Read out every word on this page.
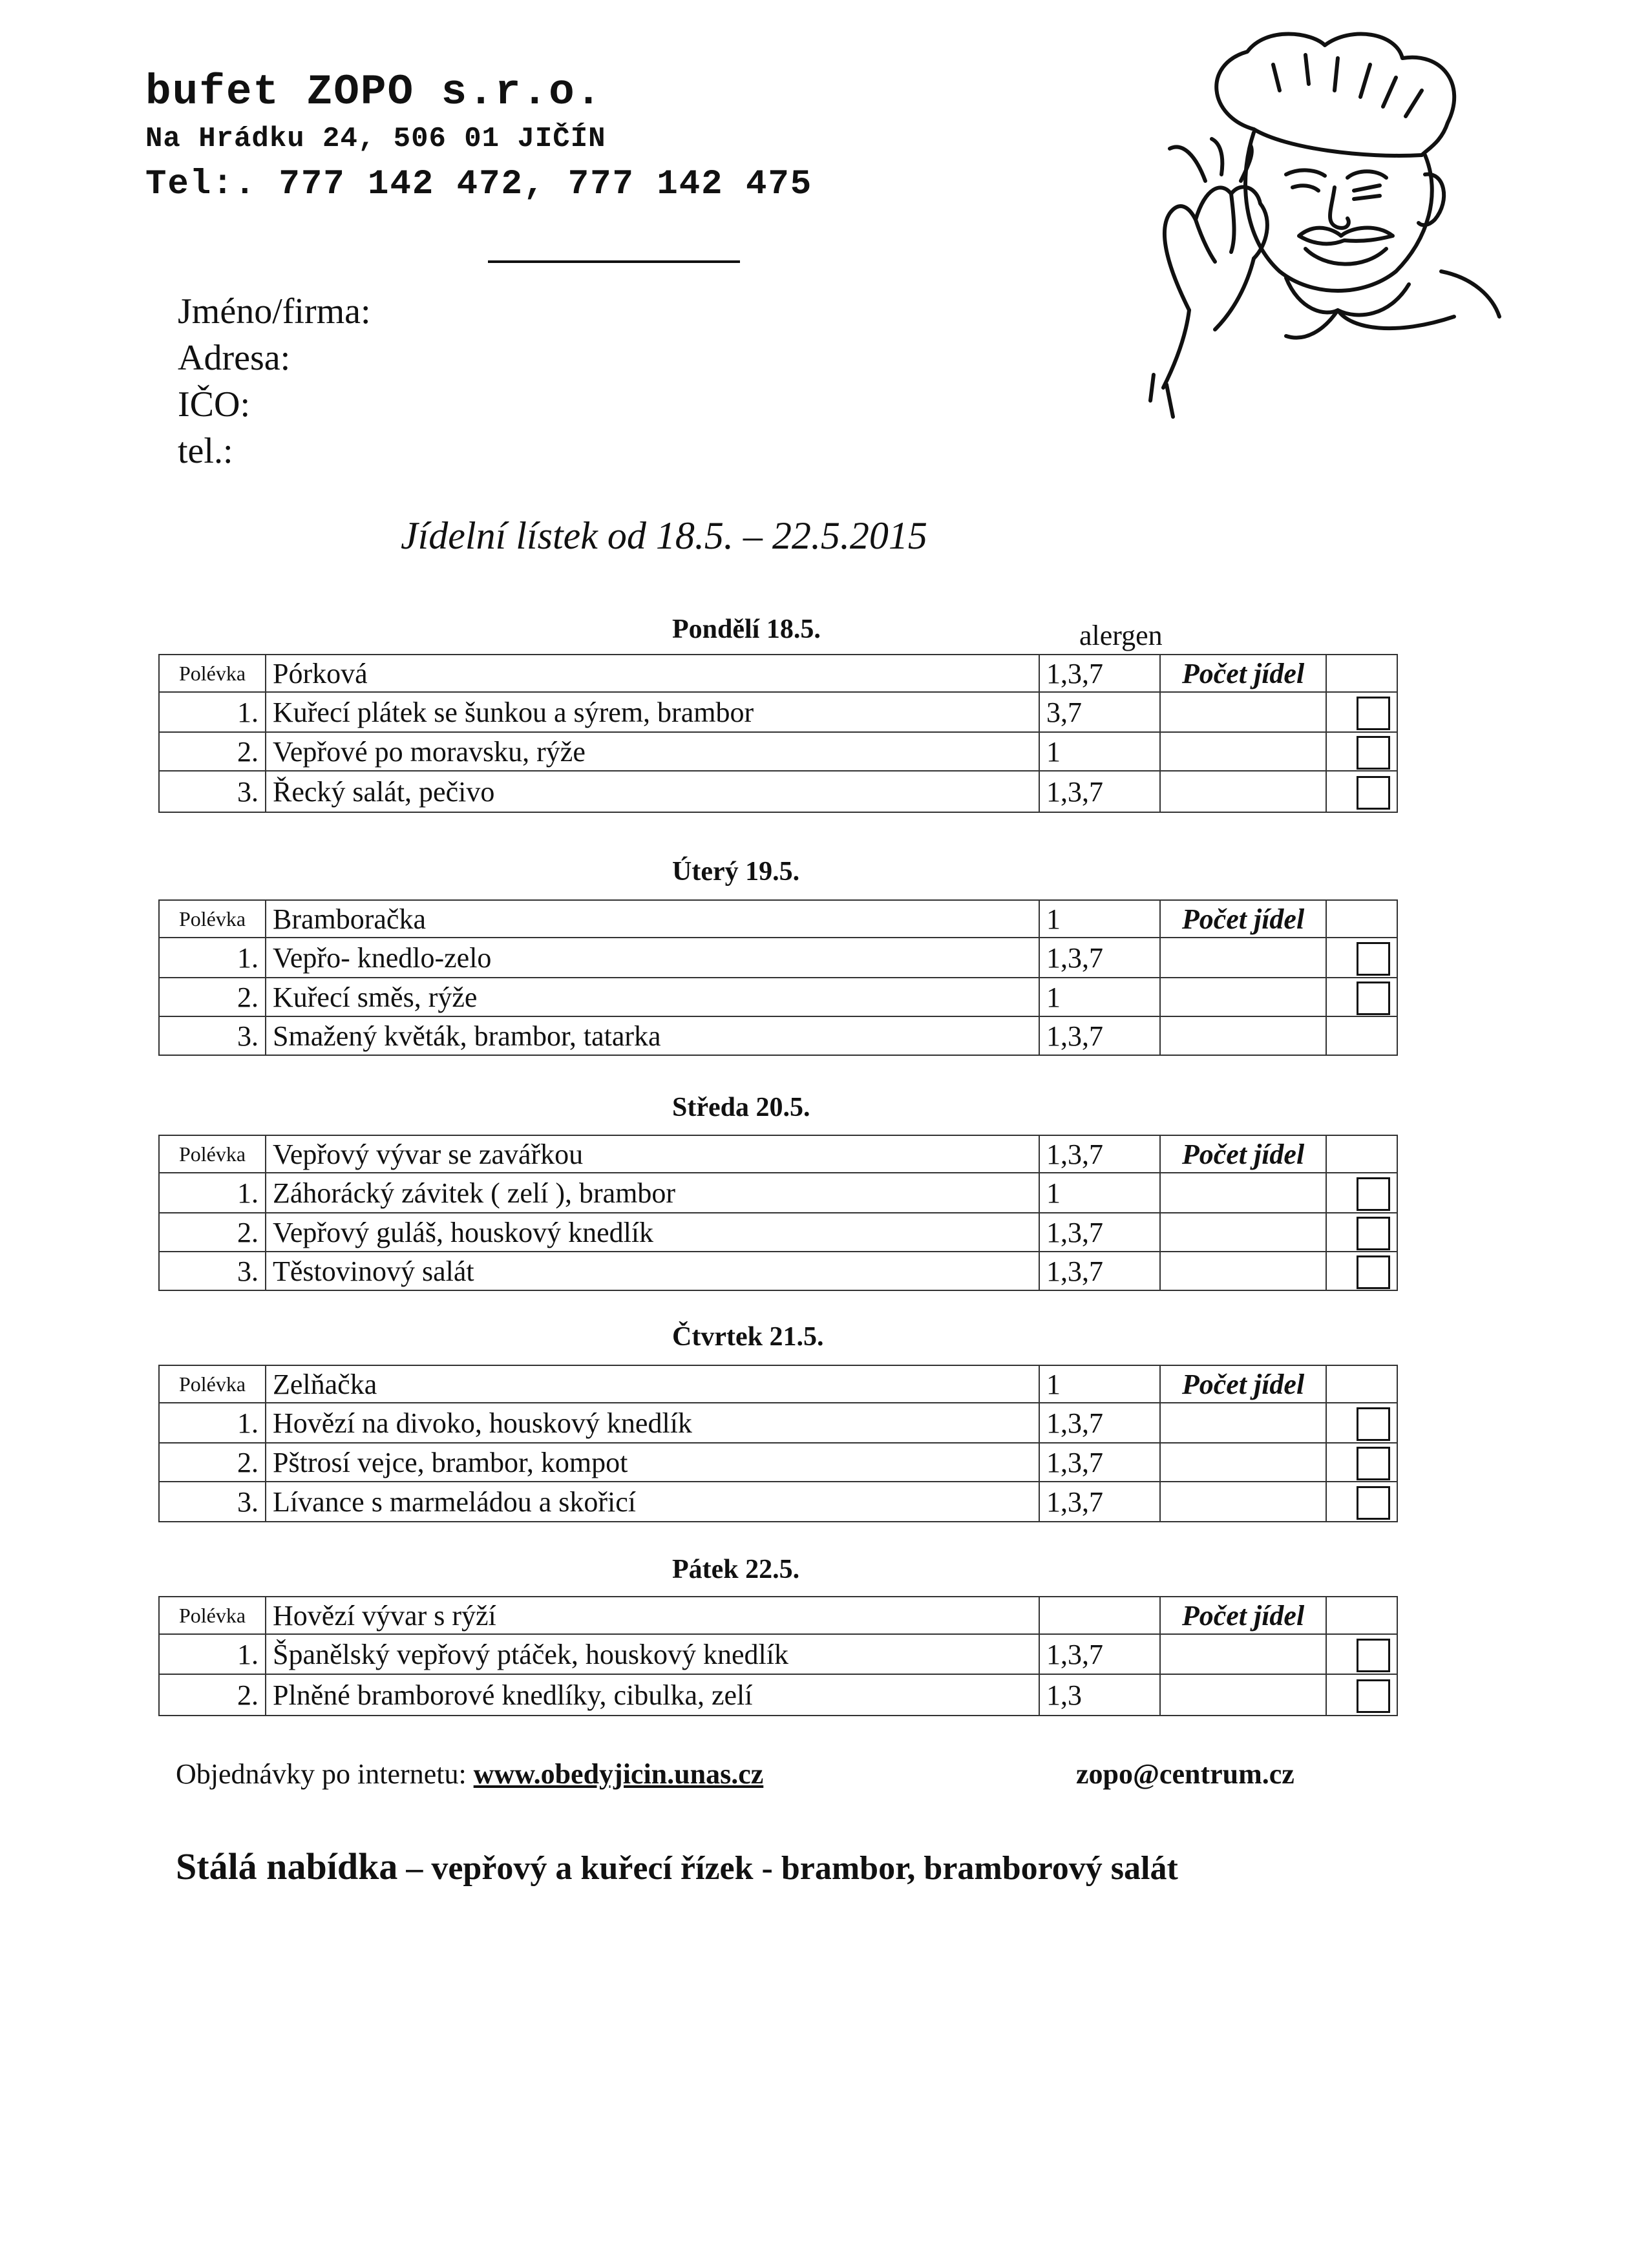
bufet ZOPO s.r.o.
Na Hrádku 24, 506 01 JIČÍN
Tel:. 777 142 472, 777 142 475
Jméno/firma:
Adresa:
IČO:
tel.:
Jídelní lístek od 18.5. – 22.5.2015
alergen
Pondělí 18.5.
Polévka	Pórková	1,3,7	Počet jídel	
1.	Kuřecí plátek se šunkou a sýrem, brambor	3,7		
2.	Vepřové po moravsku, rýže	1		
3.	Řecký salát, pečivo	1,3,7		
Úterý 19.5.
Polévka	Bramboračka	1	Počet jídel	
1.	Vepřo- knedlo-zelo	1,3,7		
2.	Kuřecí směs, rýže	1		
3.	Smažený květák, brambor, tatarka	1,3,7		
Středa 20.5.
Polévka	Vepřový vývar se zavářkou	1,3,7	Počet jídel	
1.	Záhorácký závitek ( zelí ), brambor	1		
2.	Vepřový guláš, houskový knedlík	1,3,7		
3.	Těstovinový salát	1,3,7		
Čtvrtek 21.5.
Polévka	Zelňačka	1	Počet jídel	
1.	Hovězí na divoko, houskový knedlík	1,3,7		
2.	Pštrosí vejce, brambor, kompot	1,3,7		
3.	Lívance s marmeládou a skořicí	1,3,7		
Pátek 22.5.
Polévka	Hovězí vývar s rýží		Počet jídel	
1.	Španělský vepřový ptáček, houskový knedlík	1,3,7		
2.	Plněné bramborové knedlíky, cibulka, zelí	1,3		
Objednávky po internetu: www.obedyjicin.unas.cz	zopo@centrum.cz
Stálá nabídka – vepřový a kuřecí řízek - brambor, bramborový salát
